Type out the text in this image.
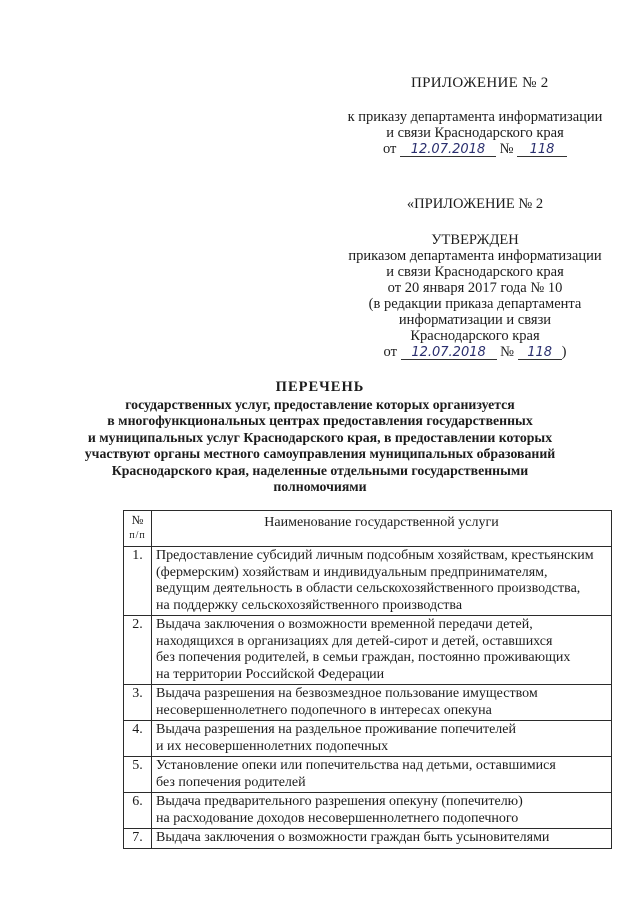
ПРИЛОЖЕНИЕ № 2
к приказу департамента информатизации
и связи Краснодарского края
от 12.07.2018 № 118
«ПРИЛОЖЕНИЕ № 2
УТВЕРЖДЕН
приказом департамента информатизации
и связи Краснодарского края
от 20 января 2017 года № 10
(в редакции приказа департамента
информатизации и связи
Краснодарского края
от 12.07.2018 № 118 )
ПЕРЕЧЕНЬ
государственных услуг, предоставление которых организуется
в многофункциональных центрах предоставления государственных
и муниципальных услуг Краснодарского края, в предоставлении которых
участвуют органы местного самоуправления муниципальных образований
Краснодарского края, наделенные отдельными государственными
полномочиями
№
п/п	Наименование государственной услуги
1.	Предоставление субсидий личным подсобным хозяйствам, крестьянским
(фермерским) хозяйствам и индивидуальным предпринимателям,
ведущим деятельность в области сельскохозяйственного производства,
на поддержку сельскохозяйственного производства

2.	Выдача заключения о возможности временной передачи детей,
находящихся в организациях для детей-сирот и детей, оставшихся
без попечения родителей, в семьи граждан, постоянно проживающих
на территории Российской Федерации

3.	Выдача разрешения на безвозмездное пользование имуществом
несовершеннолетнего подопечного в интересах опекуна

4.	Выдача разрешения на раздельное проживание попечителей
и их несовершеннолетних подопечных

5.	Установление опеки или попечительства над детьми, оставшимися
без попечения родителей

6.	Выдача предварительного разрешения опекуну (попечителю)
на расходование доходов несовершеннолетнего подопечного

7.	Выдача заключения о возможности граждан быть усыновителями
